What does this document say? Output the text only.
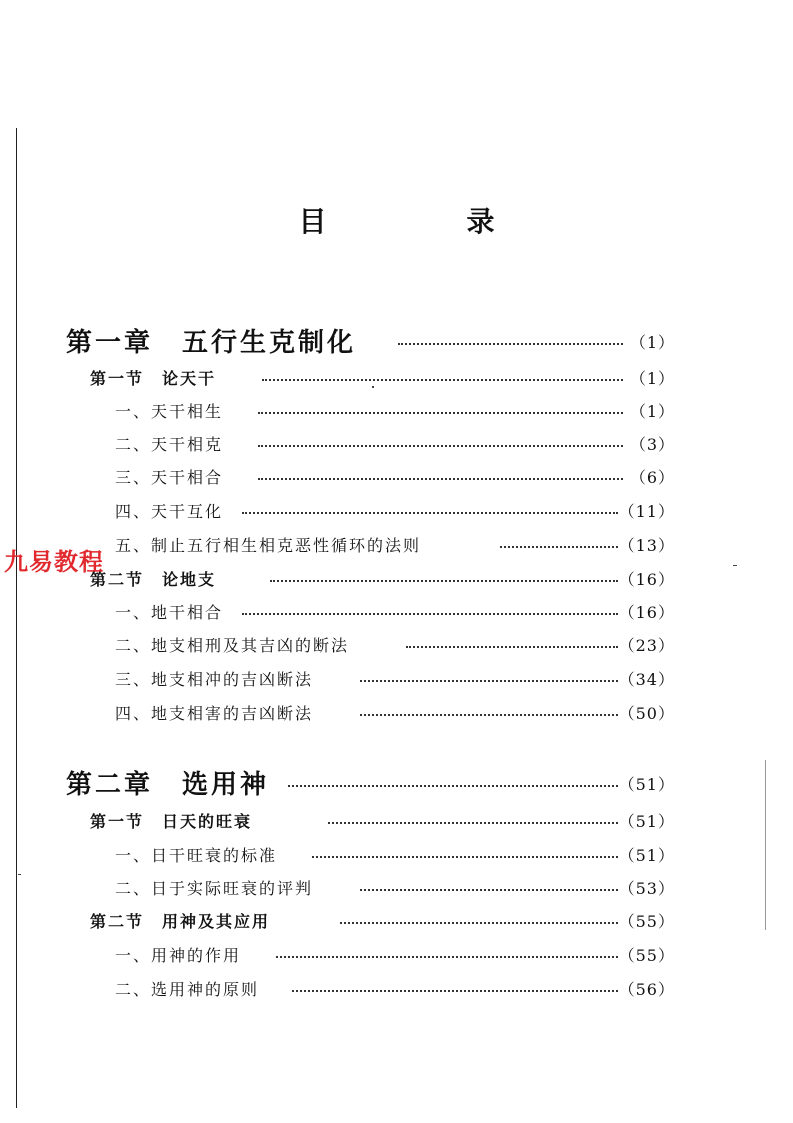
目　录
第一章　五行生克制化	（1）
第一节　论天干	（1）
一、天干相生	（1）
二、天干相克	（3）
三、天干相合	（6）
四、天干互化	（11）
五、制止五行相生相克恶性循环的法则	（13）
第二节　论地支	（16）
一、地干相合	（16）
二、地支相刑及其吉凶的断法	（23）
三、地支相冲的吉凶断法	（34）
四、地支相害的吉凶断法	（50）
第二章　选用神	（51）
第一节　日天的旺衰	（51）
一、日干旺衰的标准	（51）
二、日于实际旺衰的评判	（53）
第二节　用神及其应用	（55）
一、用神的作用	（55）
二、选用神的原则	（56）
九易教程
